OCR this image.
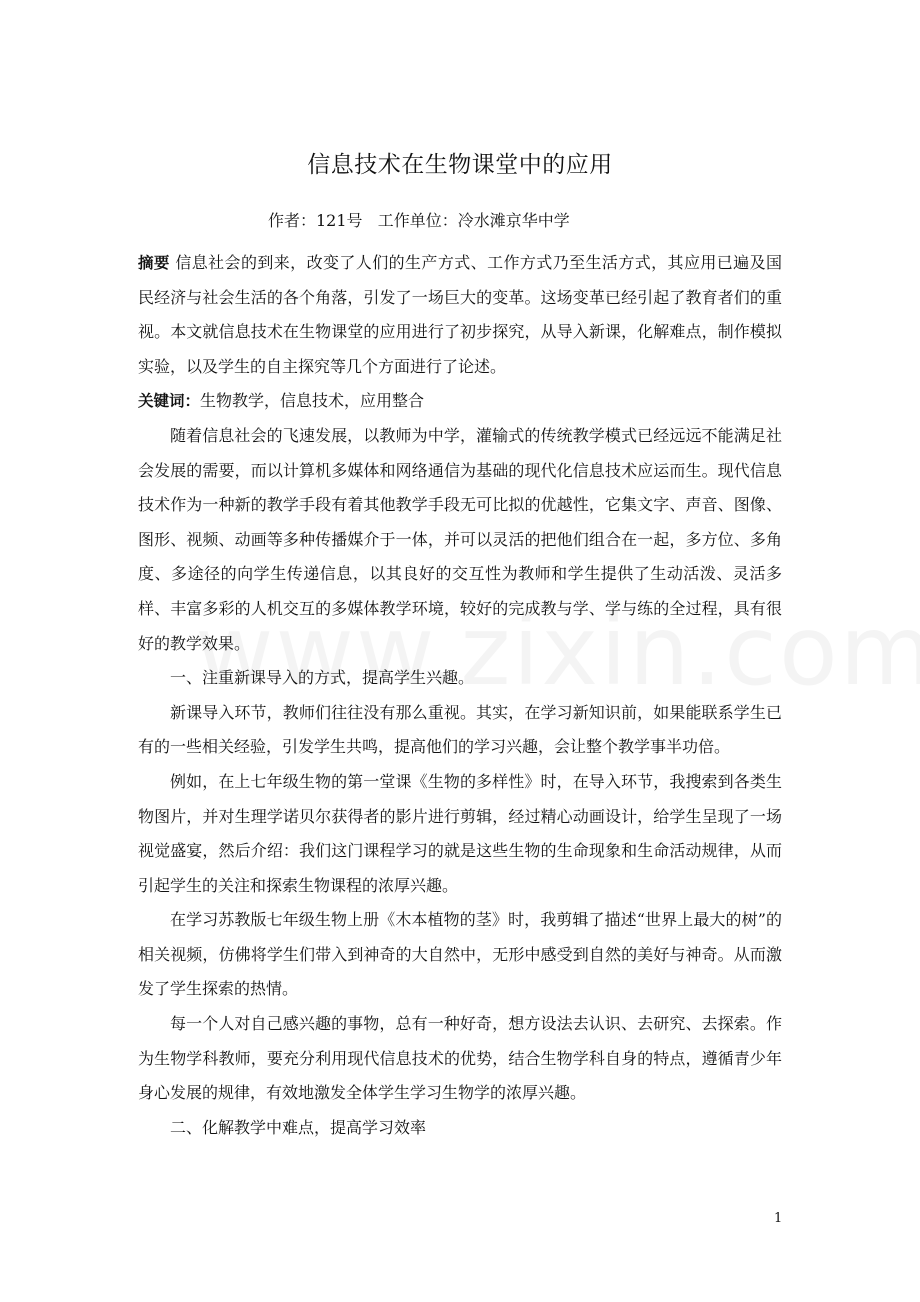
信息技术在生物课堂中的应用
作者：121号   工作单位：冷水滩京华中学

摘要 信息社会的到来，改变了人们的生产方式、工作方式乃至生活方式，其应用已遍及国民经济与社会生活的各个角落，引发了一场巨大的变革。这场变革已经引起了教育者们的重视。本文就信息技术在生物课堂的应用进行了初步探究，从导入新课，化解难点，制作模拟实验，以及学生的自主探究等几个方面进行了论述。

关键词：生物教学，信息技术，应用整合

随着信息社会的飞速发展，以教师为中学，灌输式的传统教学模式已经远远不能满足社会发展的需要，而以计算机多媒体和网络通信为基础的现代化信息技术应运而生。现代信息技术作为一种新的教学手段有着其他教学手段无可比拟的优越性，它集文字、声音、图像、图形、视频、动画等多种传播媒介于一体，并可以灵活的把他们组合在一起，多方位、多角度、多途径的向学生传递信息，以其良好的交互性为教师和学生提供了生动活泼、灵活多样、丰富多彩的人机交互的多媒体教学环境，较好的完成教与学、学与练的全过程，具有很好的教学效果。

一、注重新课导入的方式，提高学生兴趣。

新课导入环节，教师们往往没有那么重视。其实，在学习新知识前，如果能联系学生已有的一些相关经验，引发学生共鸣，提高他们的学习兴趣，会让整个教学事半功倍。

例如，在上七年级生物的第一堂课《生物的多样性》时，在导入环节，我搜索到各类生物图片，并对生理学诺贝尔获得者的影片进行剪辑，经过精心动画设计，给学生呈现了一场视觉盛宴，然后介绍：我们这门课程学习的就是这些生物的生命现象和生命活动规律，从而引起学生的关注和探索生物课程的浓厚兴趣。

在学习苏教版七年级生物上册《木本植物的茎》时，我剪辑了描述“世界上最大的树”的相关视频，仿佛将学生们带入到神奇的大自然中，无形中感受到自然的美好与神奇。从而激发了学生探索的热情。

每一个人对自己感兴趣的事物，总有一种好奇，想方设法去认识、去研究、去探索。作为生物学科教师，要充分利用现代信息技术的优势，结合生物学科自身的特点，遵循青少年身心发展的规律，有效地激发全体学生学习生物学的浓厚兴趣。

二、化解教学中难点，提高学习效率

1
